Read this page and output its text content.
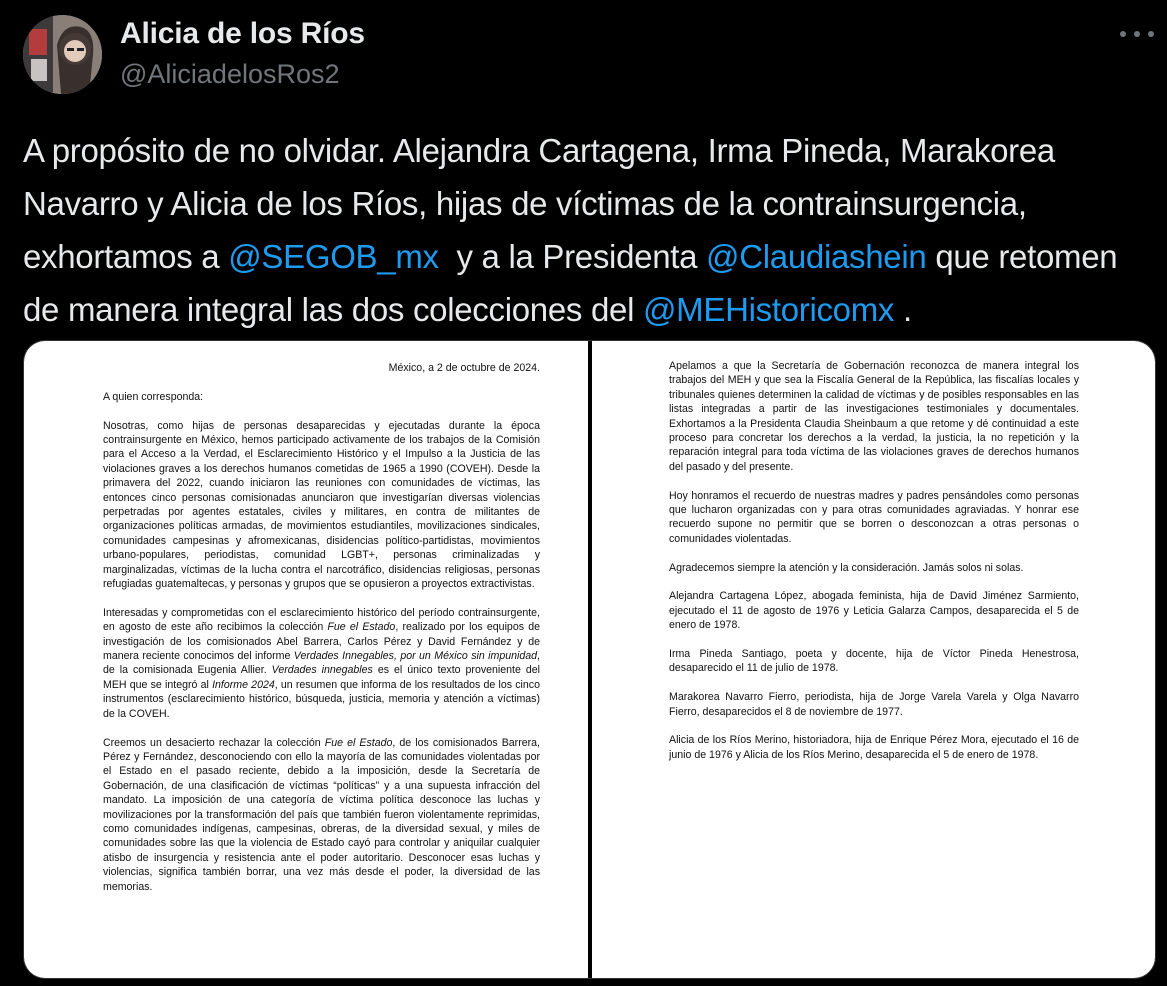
Alicia de los Ríos
@AliciadelosRos2
A propósito de no olvidar. Alejandra Cartagena, Irma Pineda, Marakorea Navarro y Alicia de los Ríos, hijas de víctimas de la contrainsurgencia, exhortamos a @SEGOB_mx  y a la Presidenta @Claudiashein que retomen de manera integral las dos colecciones del @MEHistoricomx .

México, a 2 de octubre de 2024.

A quien corresponda:

Nosotras, como hijas de personas desaparecidas y ejecutadas durante la época contrainsurgente en México, hemos participado activamente de los trabajos de la Comisión para el Acceso a la Verdad, el Esclarecimiento Histórico y el Impulso a la Justicia de las violaciones graves a los derechos humanos cometidas de 1965 a 1990 (COVEH). Desde la primavera del 2022, cuando iniciaron las reuniones con comunidades de víctimas, las entonces cinco personas comisionadas anunciaron que investigarían diversas violencias perpetradas por agentes estatales, civiles y militares, en contra de militantes de organizaciones políticas armadas, de movimientos estudiantiles, movilizaciones sindicales, comunidades campesinas y afromexicanas, disidencias político-partidistas, movimientos urbano-populares, periodistas, comunidad LGBT+, personas criminalizadas y marginalizadas, víctimas de la lucha contra el narcotráfico, disidencias religiosas, personas refugiadas guatemaltecas, y personas y grupos que se opusieron a proyectos extractivistas.

Interesadas y comprometidas con el esclarecimiento histórico del período contrainsurgente, en agosto de este año recibimos la colección Fue el Estado, realizado por los equipos de investigación de los comisionados Abel Barrera, Carlos Pérez y David Fernández y de manera reciente conocimos del informe Verdades Innegables, por un México sin impunidad, de la comisionada Eugenia Allier. Verdades innegables es el único texto proveniente del MEH que se integró al Informe 2024, un resumen que informa de los resultados de los cinco instrumentos (esclarecimiento histórico, búsqueda, justicia, memoria y atención a víctimas) de la COVEH.

Creemos un desacierto rechazar la colección Fue el Estado, de los comisionados Barrera, Pérez y Fernández, desconociendo con ello la mayoría de las comunidades violentadas por el Estado en el pasado reciente, debido a la imposición, desde la Secretaría de Gobernación, de una clasificación de víctimas “políticas” y a una supuesta infracción del mandato. La imposición de una categoría de víctima política desconoce las luchas y movilizaciones por la transformación del país que también fueron violentamente reprimidas, como comunidades indígenas, campesinas, obreras, de la diversidad sexual, y miles de comunidades sobre las que la violencia de Estado cayó para controlar y aniquilar cualquier atisbo de insurgencia y resistencia ante el poder autoritario. Desconocer esas luchas y violencias, significa también borrar, una vez más desde el poder, la diversidad de las memorias.

Apelamos a que la Secretaría de Gobernación reconozca de manera integral los trabajos del MEH y que sea la Fiscalía General de la República, las fiscalías locales y tribunales quienes determinen la calidad de víctimas y de posibles responsables en las listas integradas a partir de las investigaciones testimoniales y documentales. Exhortamos a la Presidenta Claudia Sheinbaum a que retome y dé continuidad a este proceso para concretar los derechos a la verdad, la justicia, la no repetición y la reparación integral para toda víctima de las violaciones graves de derechos humanos del pasado y del presente.

Hoy honramos el recuerdo de nuestras madres y padres pensándoles como personas que lucharon organizadas con y para otras comunidades agraviadas. Y honrar ese recuerdo supone no permitir que se borren o desconozcan a otras personas o comunidades violentadas.

Agradecemos siempre la atención y la consideración. Jamás solos ni solas.

Alejandra Cartagena López, abogada feminista, hija de David Jiménez Sarmiento, ejecutado el 11 de agosto de 1976 y Leticia Galarza Campos, desaparecida el 5 de enero de 1978.

Irma Pineda Santiago, poeta y docente, hija de Víctor Pineda Henestrosa, desaparecido el 11 de julio de 1978.

Marakorea Navarro Fierro, periodista, hija de Jorge Varela Varela y Olga Navarro Fierro, desaparecidos el 8 de noviembre de 1977.

Alicia de los Ríos Merino, historiadora, hija de Enrique Pérez Mora, ejecutado el 16 de junio de 1976 y Alicia de los Ríos Merino, desaparecida el 5 de enero de 1978.
